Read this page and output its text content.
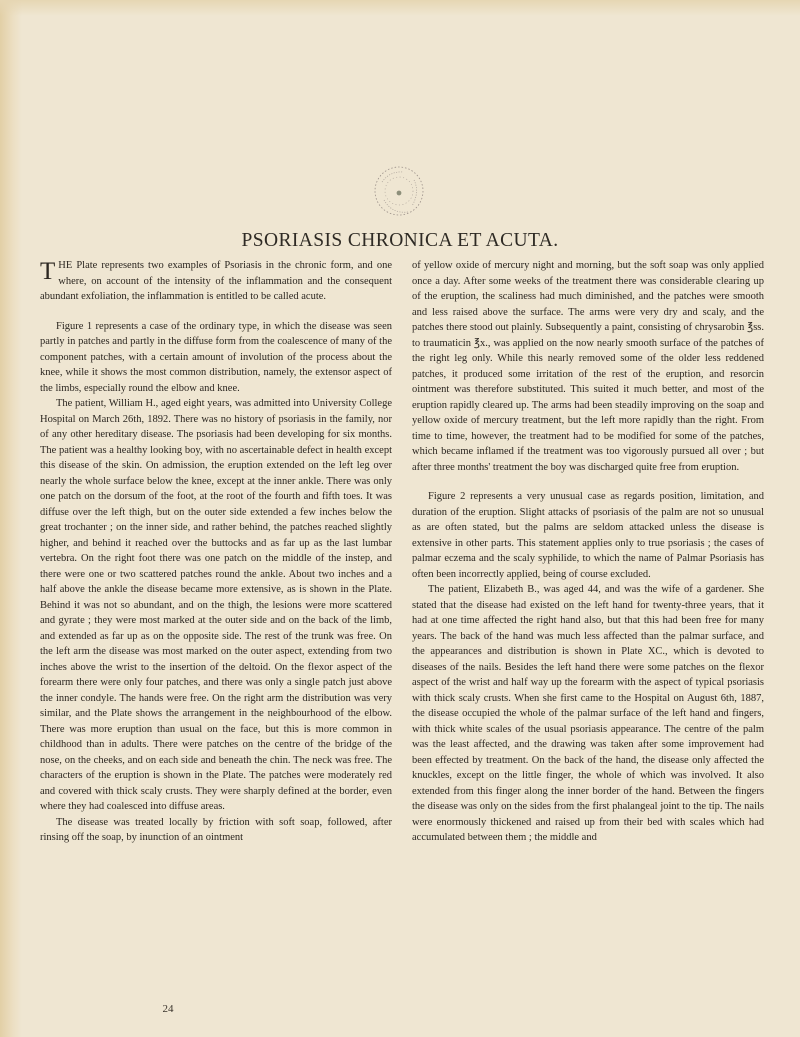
PSORIASIS CHRONICA ET ACUTA.

THE Plate represents two examples of Psoriasis in the chronic form, and one where, on account of the intensity of the inflammation and the consequent abundant exfoliation, the inflammation is entitled to be called acute.

Figure 1 represents a case of the ordinary type, in which the disease was seen partly in patches and partly in the diffuse form from the coalescence of many of the component patches, with a certain amount of involution of the process about the knee, while it shows the most common distribution, namely, the extensor aspect of the limbs, especially round the elbow and knee.

The patient, William H., aged eight years, was admitted into University College Hospital on March 26th, 1892. There was no history of psoriasis in the family, nor of any other hereditary disease. The psoriasis had been developing for six months. The patient was a healthy looking boy, with no ascertainable defect in health except this disease of the skin. On admission, the eruption extended on the left leg over nearly the whole surface below the knee, except at the inner ankle. There was only one patch on the dorsum of the foot, at the root of the fourth and fifth toes. It was diffuse over the left thigh, but on the outer side extended a few inches below the great trochanter ; on the inner side, and rather behind, the patches reached slightly higher, and behind it reached over the buttocks and as far up as the last lumbar vertebra. On the right foot there was one patch on the middle of the instep, and there were one or two scattered patches round the ankle. About two inches and a half above the ankle the disease became more extensive, as is shown in the Plate. Behind it was not so abundant, and on the thigh, the lesions were more scattered and gyrate ; they were most marked at the outer side and on the back of the limb, and extended as far up as on the opposite side. The rest of the trunk was free. On the left arm the disease was most marked on the outer aspect, extending from two inches above the wrist to the insertion of the deltoid. On the flexor aspect of the forearm there were only four patches, and there was only a single patch just above the inner condyle. The hands were free. On the right arm the distribution was very similar, and the Plate shows the arrangement in the neighbourhood of the elbow. There was more eruption than usual on the face, but this is more common in childhood than in adults. There were patches on the centre of the bridge of the nose, on the cheeks, and on each side and beneath the chin. The neck was free. The characters of the eruption is shown in the Plate. The patches were moderately red and covered with thick scaly crusts. They were sharply defined at the border, even where they had coalesced into diffuse areas.

The disease was treated locally by friction with soft soap, followed, after rinsing off the soap, by inunction of an ointment

of yellow oxide of mercury night and morning, but the soft soap was only applied once a day. After some weeks of the treatment there was considerable clearing up of the eruption, the scaliness had much diminished, and the patches were smooth and less raised above the surface. The arms were very dry and scaly, and the patches there stood out plainly. Subsequently a paint, consisting of chrysarobin ℥ss. to traumaticin ℥x., was applied on the now nearly smooth surface of the patches of the right leg only. While this nearly removed some of the older less reddened patches, it produced some irritation of the rest of the eruption, and resorcin ointment was therefore substituted. This suited it much better, and most of the eruption rapidly cleared up. The arms had been steadily improving on the soap and yellow oxide of mercury treatment, but the left more rapidly than the right. From time to time, however, the treatment had to be modified for some of the patches, which became inflamed if the treatment was too vigorously pursued all over ; but after three months' treatment the boy was discharged quite free from eruption.

Figure 2 represents a very unusual case as regards position, limitation, and duration of the eruption. Slight attacks of psoriasis of the palm are not so unusual as are often stated, but the palms are seldom attacked unless the disease is extensive in other parts. This statement applies only to true psoriasis ; the cases of palmar eczema and the scaly syphilide, to which the name of Palmar Psoriasis has often been incorrectly applied, being of course excluded.

The patient, Elizabeth B., was aged 44, and was the wife of a gardener. She stated that the disease had existed on the left hand for twenty-three years, that it had at one time affected the right hand also, but that this had been free for many years. The back of the hand was much less affected than the palmar surface, and the appearances and distribution is shown in Plate XC., which is devoted to diseases of the nails. Besides the left hand there were some patches on the flexor aspect of the wrist and half way up the forearm with the aspect of typical psoriasis with thick scaly crusts. When she first came to the Hospital on August 6th, 1887, the disease occupied the whole of the palmar surface of the left hand and fingers, with thick white scales of the usual psoriasis appearance. The centre of the palm was the least affected, and the drawing was taken after some improvement had been effected by treatment. On the back of the hand, the disease only affected the knuckles, except on the little finger, the whole of which was involved. It also extended from this finger along the inner border of the hand. Between the fingers the disease was only on the sides from the first phalangeal joint to the tip. The nails were enormously thickened and raised up from their bed with scales which had accumulated between them ; the middle and

24
